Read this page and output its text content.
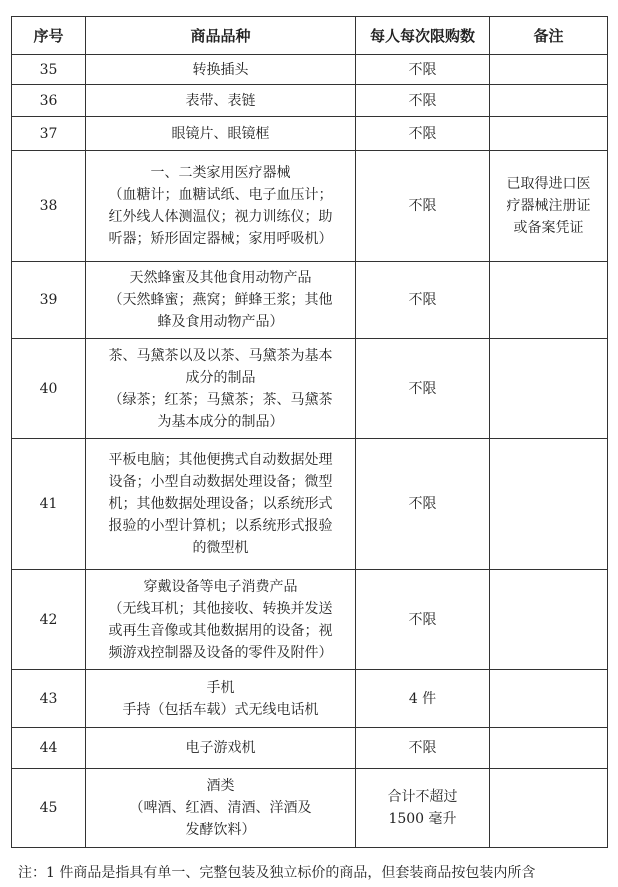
序号	商品品种	每人每次限购数	备注
35	转换插头	不限	
36	表带、表链	不限	
37	眼镜片、眼镜框	不限	
38	一、二类家用医疗器械
（血糖计；血糖试纸、电子血压计；
红外线人体测温仪；视力训练仪；助
听器；矫形固定器械；家用呼吸机）	不限	已取得进口医疗器械注册证或备案凭证
39	天然蜂蜜及其他食用动物产品
（天然蜂蜜；燕窝；鲜蜂王浆；其他
蜂及食用动物产品）	不限	
40	茶、马黛茶以及以茶、马黛茶为基本
成分的制品
（绿茶；红茶；马黛茶；茶、马黛茶
为基本成分的制品）	不限	
41	平板电脑；其他便携式自动数据处理
设备；小型自动数据处理设备；微型
机；其他数据处理设备；以系统形式
报验的小型计算机；以系统形式报验
的微型机	不限	
42	穿戴设备等电子消费产品
（无线耳机；其他接收、转换并发送
或再生音像或其他数据用的设备；视
频游戏控制器及设备的零件及附件）	不限	
43	手机
手持（包括车载）式无线电话机	4 件	
44	电子游戏机	不限	
45	酒类
（啤酒、红酒、清酒、洋酒及
发酵饮料）	合计不超过 1500 毫升	
注：1 件商品是指具有单一、完整包装及独立标价的商品，但套装商品按包装内所含
